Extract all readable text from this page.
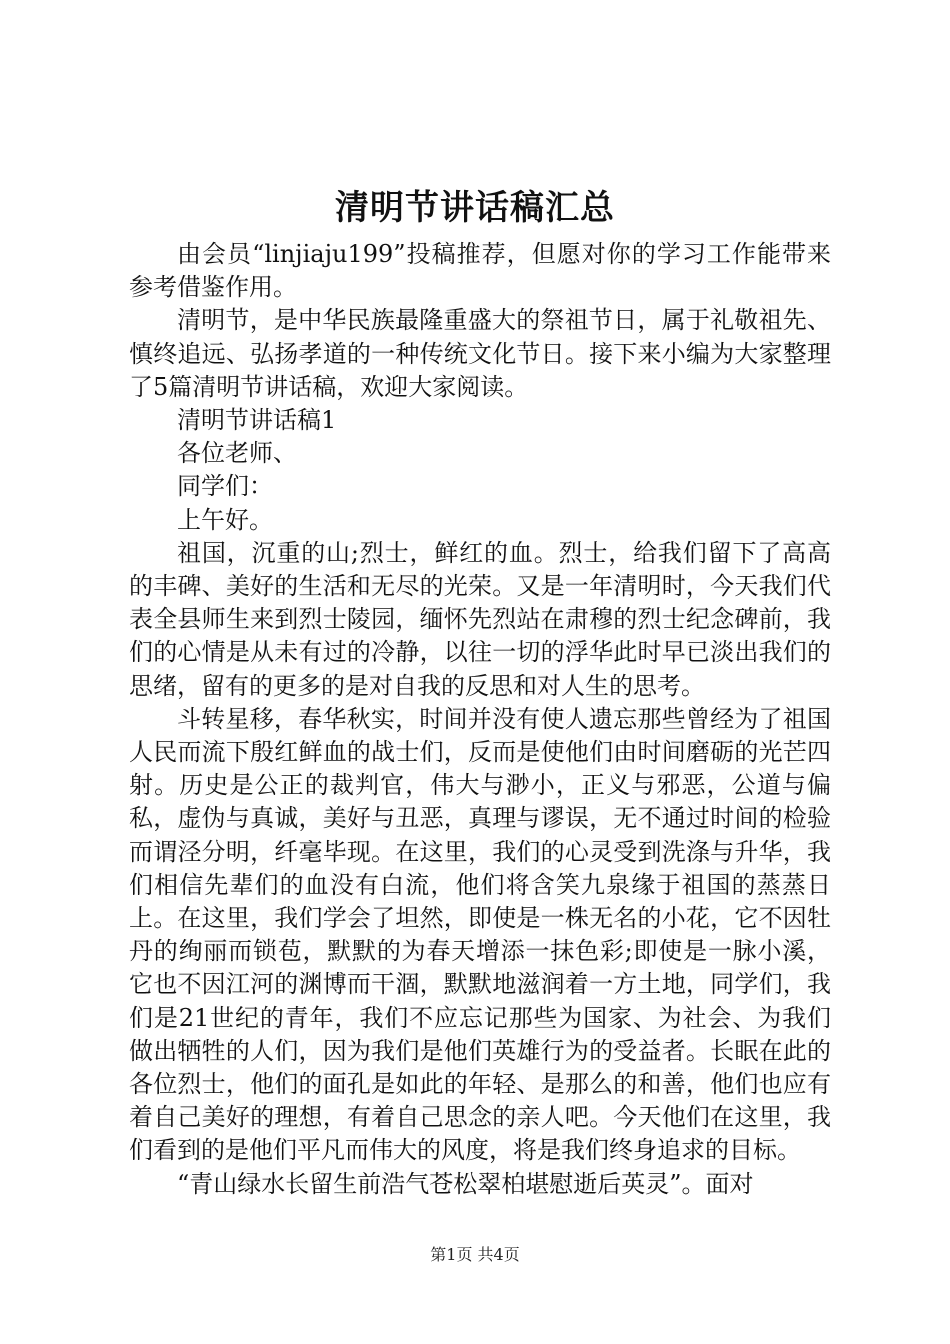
清明节讲话稿汇总

由会员“linjiaju199”投稿推荐，但愿对你的学习工作能带来参考借鉴作用。

清明节，是中华民族最隆重盛大的祭祖节日，属于礼敬祖先、慎终追远、弘扬孝道的一种传统文化节日。接下来小编为大家整理了5篇清明节讲话稿，欢迎大家阅读。

清明节讲话稿1

各位老师、

同学们：

上午好。

祖国，沉重的山;烈士，鲜红的血。烈士，给我们留下了高高的丰碑、美好的生活和无尽的光荣。又是一年清明时，今天我们代表全县师生来到烈士陵园，缅怀先烈站在肃穆的烈士纪念碑前，我们的心情是从未有过的冷静，以往一切的浮华此时早已淡出我们的思绪，留有的更多的是对自我的反思和对人生的思考。

斗转星移，春华秋实，时间并没有使人遗忘那些曾经为了祖国人民而流下殷红鲜血的战士们，反而是使他们由时间磨砺的光芒四射。历史是公正的裁判官，伟大与渺小，正义与邪恶，公道与偏私，虚伪与真诚，美好与丑恶，真理与谬误，无不通过时间的检验而谓泾分明，纤毫毕现。在这里，我们的心灵受到洗涤与升华，我们相信先辈们的血没有白流，他们将含笑九泉缘于祖国的蒸蒸日上。在这里，我们学会了坦然，即使是一株无名的小花，它不因牡丹的绚丽而锁苞，默默的为春天增添一抹色彩;即使是一脉小溪，它也不因江河的渊博而干涸，默默地滋润着一方土地，同学们，我们是21世纪的青年，我们不应忘记那些为国家、为社会、为我们做出牺牲的人们，因为我们是他们英雄行为的受益者。长眠在此的各位烈士，他们的面孔是如此的年轻、是那么的和善，他们也应有着自己美好的理想，有着自己思念的亲人吧。今天他们在这里，我们看到的是他们平凡而伟大的风度，将是我们终身追求的目标。

“青山绿水长留生前浩气苍松翠柏堪慰逝后英灵”。面对

第1页 共4页
